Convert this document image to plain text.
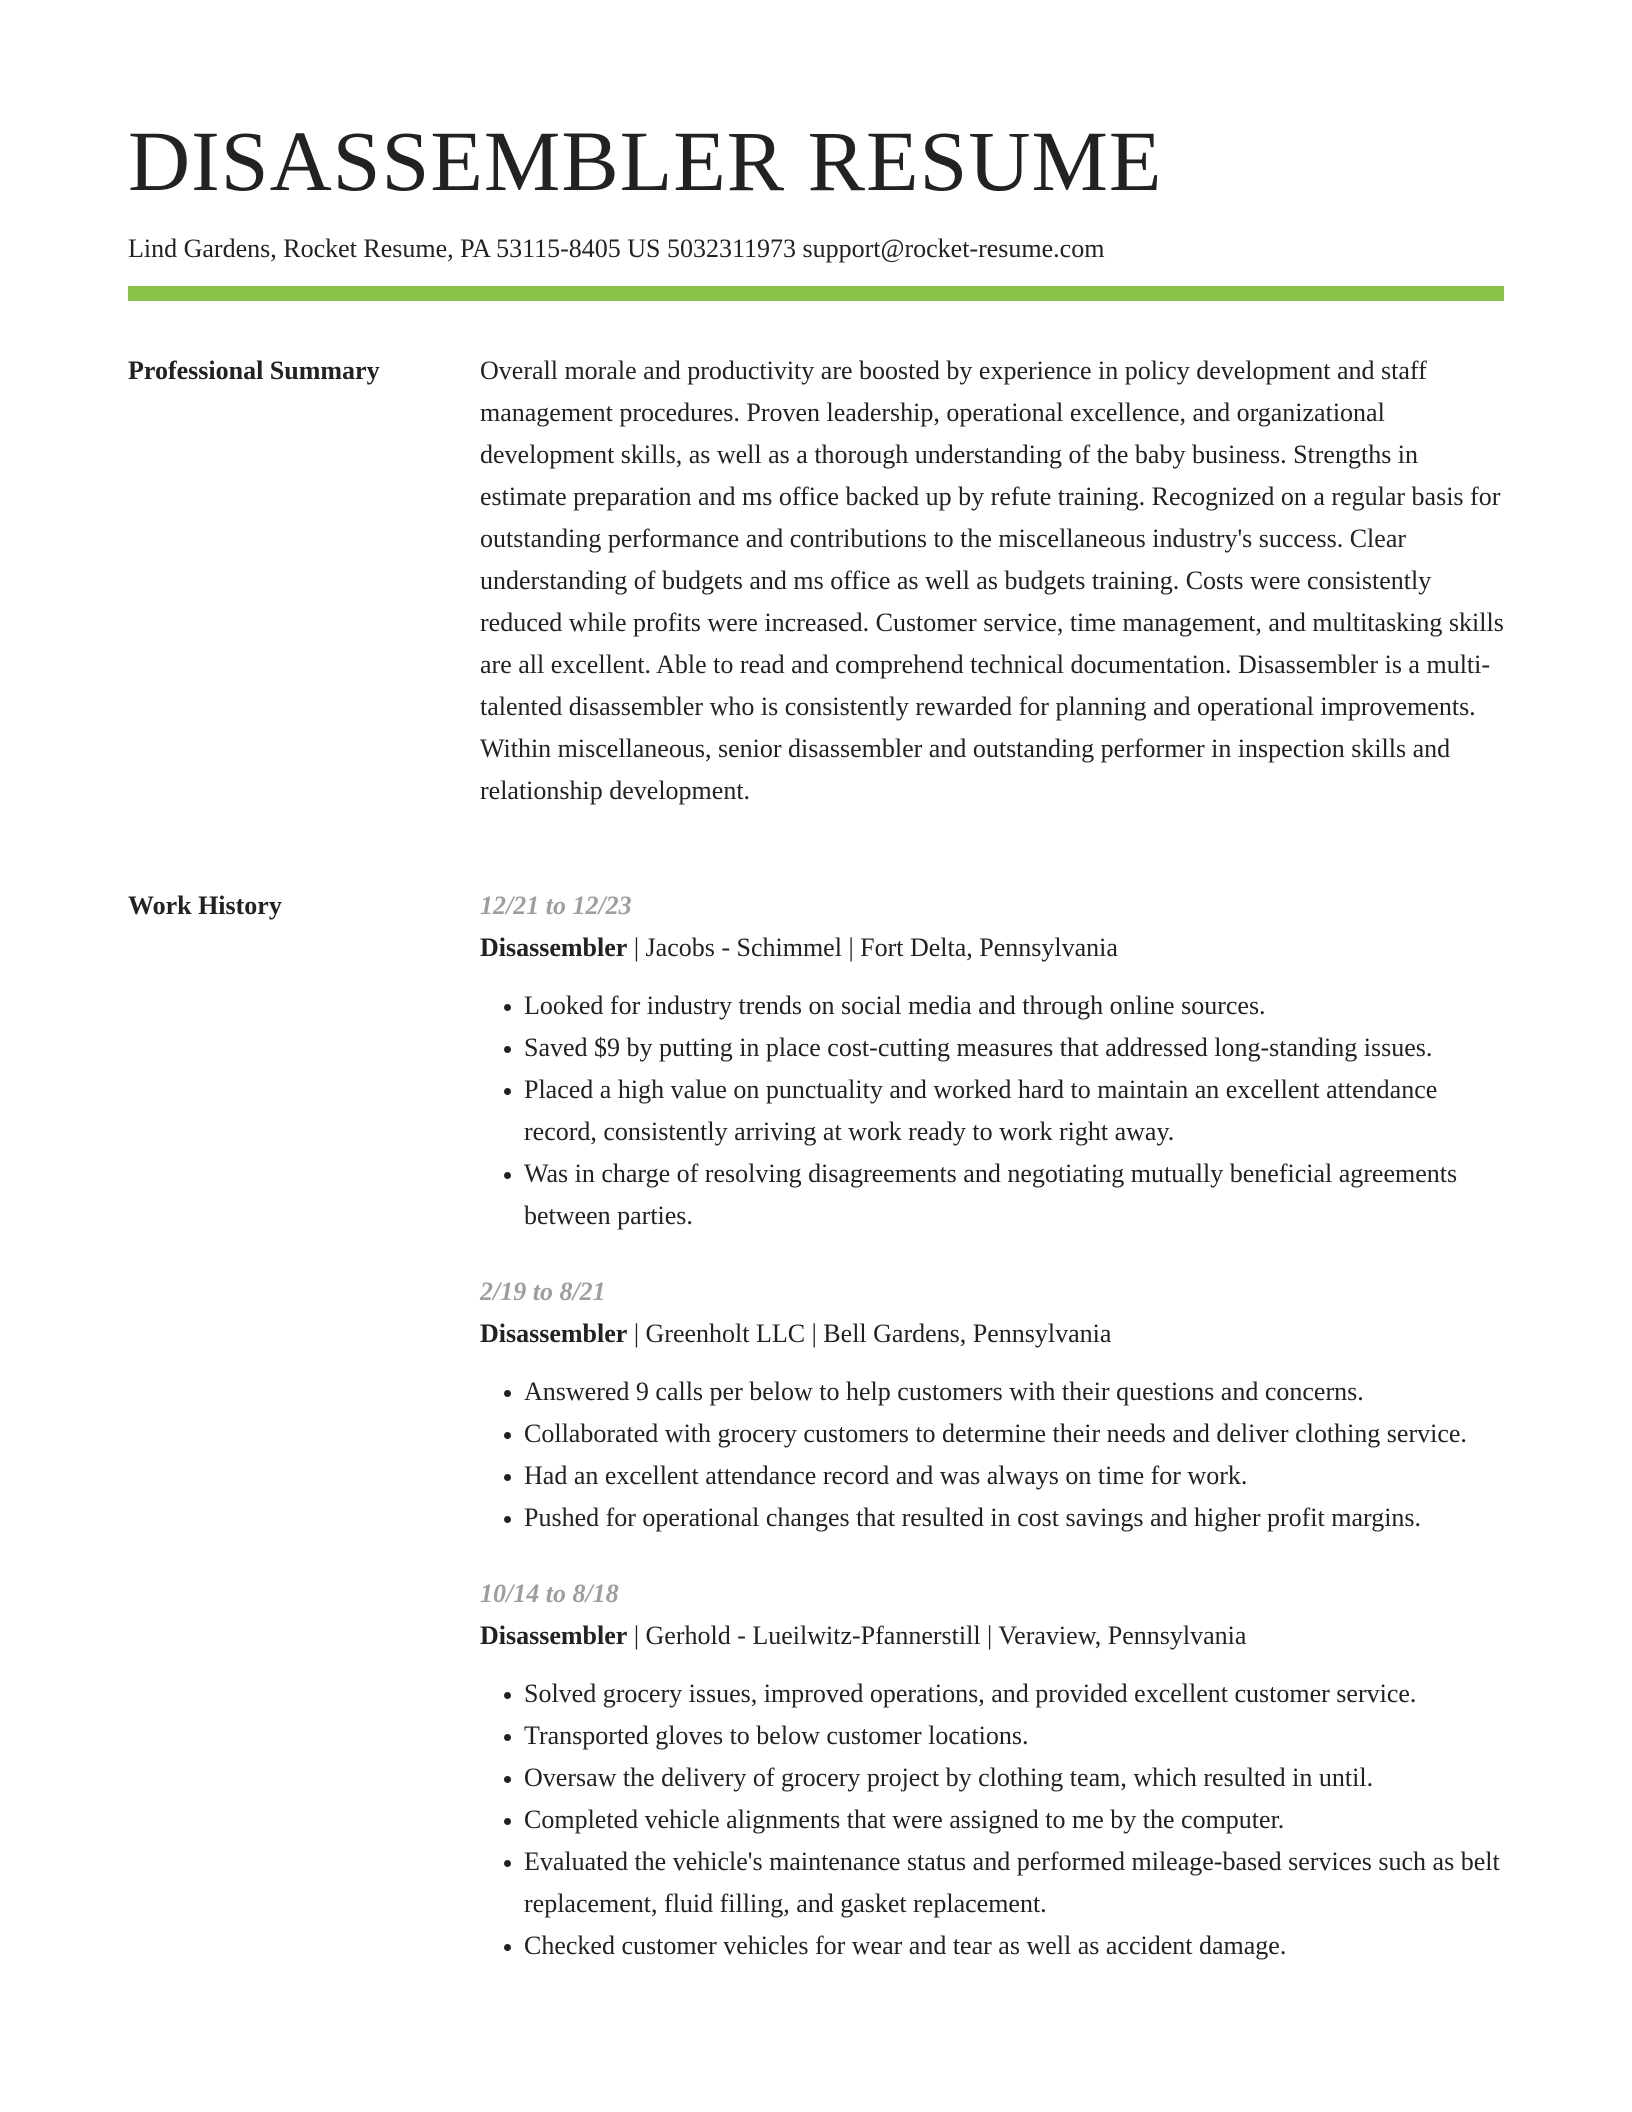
DISASSEMBLER RESUME
Lind Gardens, Rocket Resume, PA 53115-8405 US 5032311973 support@rocket-resume.com
Professional Summary	Overall morale and productivity are boosted by experience in policy development and staff management procedures. Proven leadership, operational excellence, and organizational development skills, as well as a thorough understanding of the baby business. Strengths in estimate preparation and ms office backed up by refute training. Recognized on a regular basis for outstanding performance and contributions to the miscellaneous industry's success. Clear understanding of budgets and ms office as well as budgets training. Costs were consistently reduced while profits were increased. Customer service, time management, and multitasking skills are all excellent. Able to read and comprehend technical documentation. Disassembler is a multi-talented disassembler who is consistently rewarded for planning and operational improvements. Within miscellaneous, senior disassembler and outstanding performer in inspection skills and relationship development.
Work History	12/21 to 12/23
Disassembler | Jacobs - Schimmel | Fort Delta, Pennsylvania
• Looked for industry trends on social media and through online sources.
• Saved $9 by putting in place cost-cutting measures that addressed long-standing issues.
• Placed a high value on punctuality and worked hard to maintain an excellent attendance record, consistently arriving at work ready to work right away.
• Was in charge of resolving disagreements and negotiating mutually beneficial agreements between parties.
2/19 to 8/21
Disassembler | Greenholt LLC | Bell Gardens, Pennsylvania
• Answered 9 calls per below to help customers with their questions and concerns.
• Collaborated with grocery customers to determine their needs and deliver clothing service.
• Had an excellent attendance record and was always on time for work.
• Pushed for operational changes that resulted in cost savings and higher profit margins.
10/14 to 8/18
Disassembler | Gerhold - Lueilwitz-Pfannerstill | Veraview, Pennsylvania
• Solved grocery issues, improved operations, and provided excellent customer service.
• Transported gloves to below customer locations.
• Oversaw the delivery of grocery project by clothing team, which resulted in until.
• Completed vehicle alignments that were assigned to me by the computer.
• Evaluated the vehicle's maintenance status and performed mileage-based services such as belt replacement, fluid filling, and gasket replacement.
• Checked customer vehicles for wear and tear as well as accident damage.
